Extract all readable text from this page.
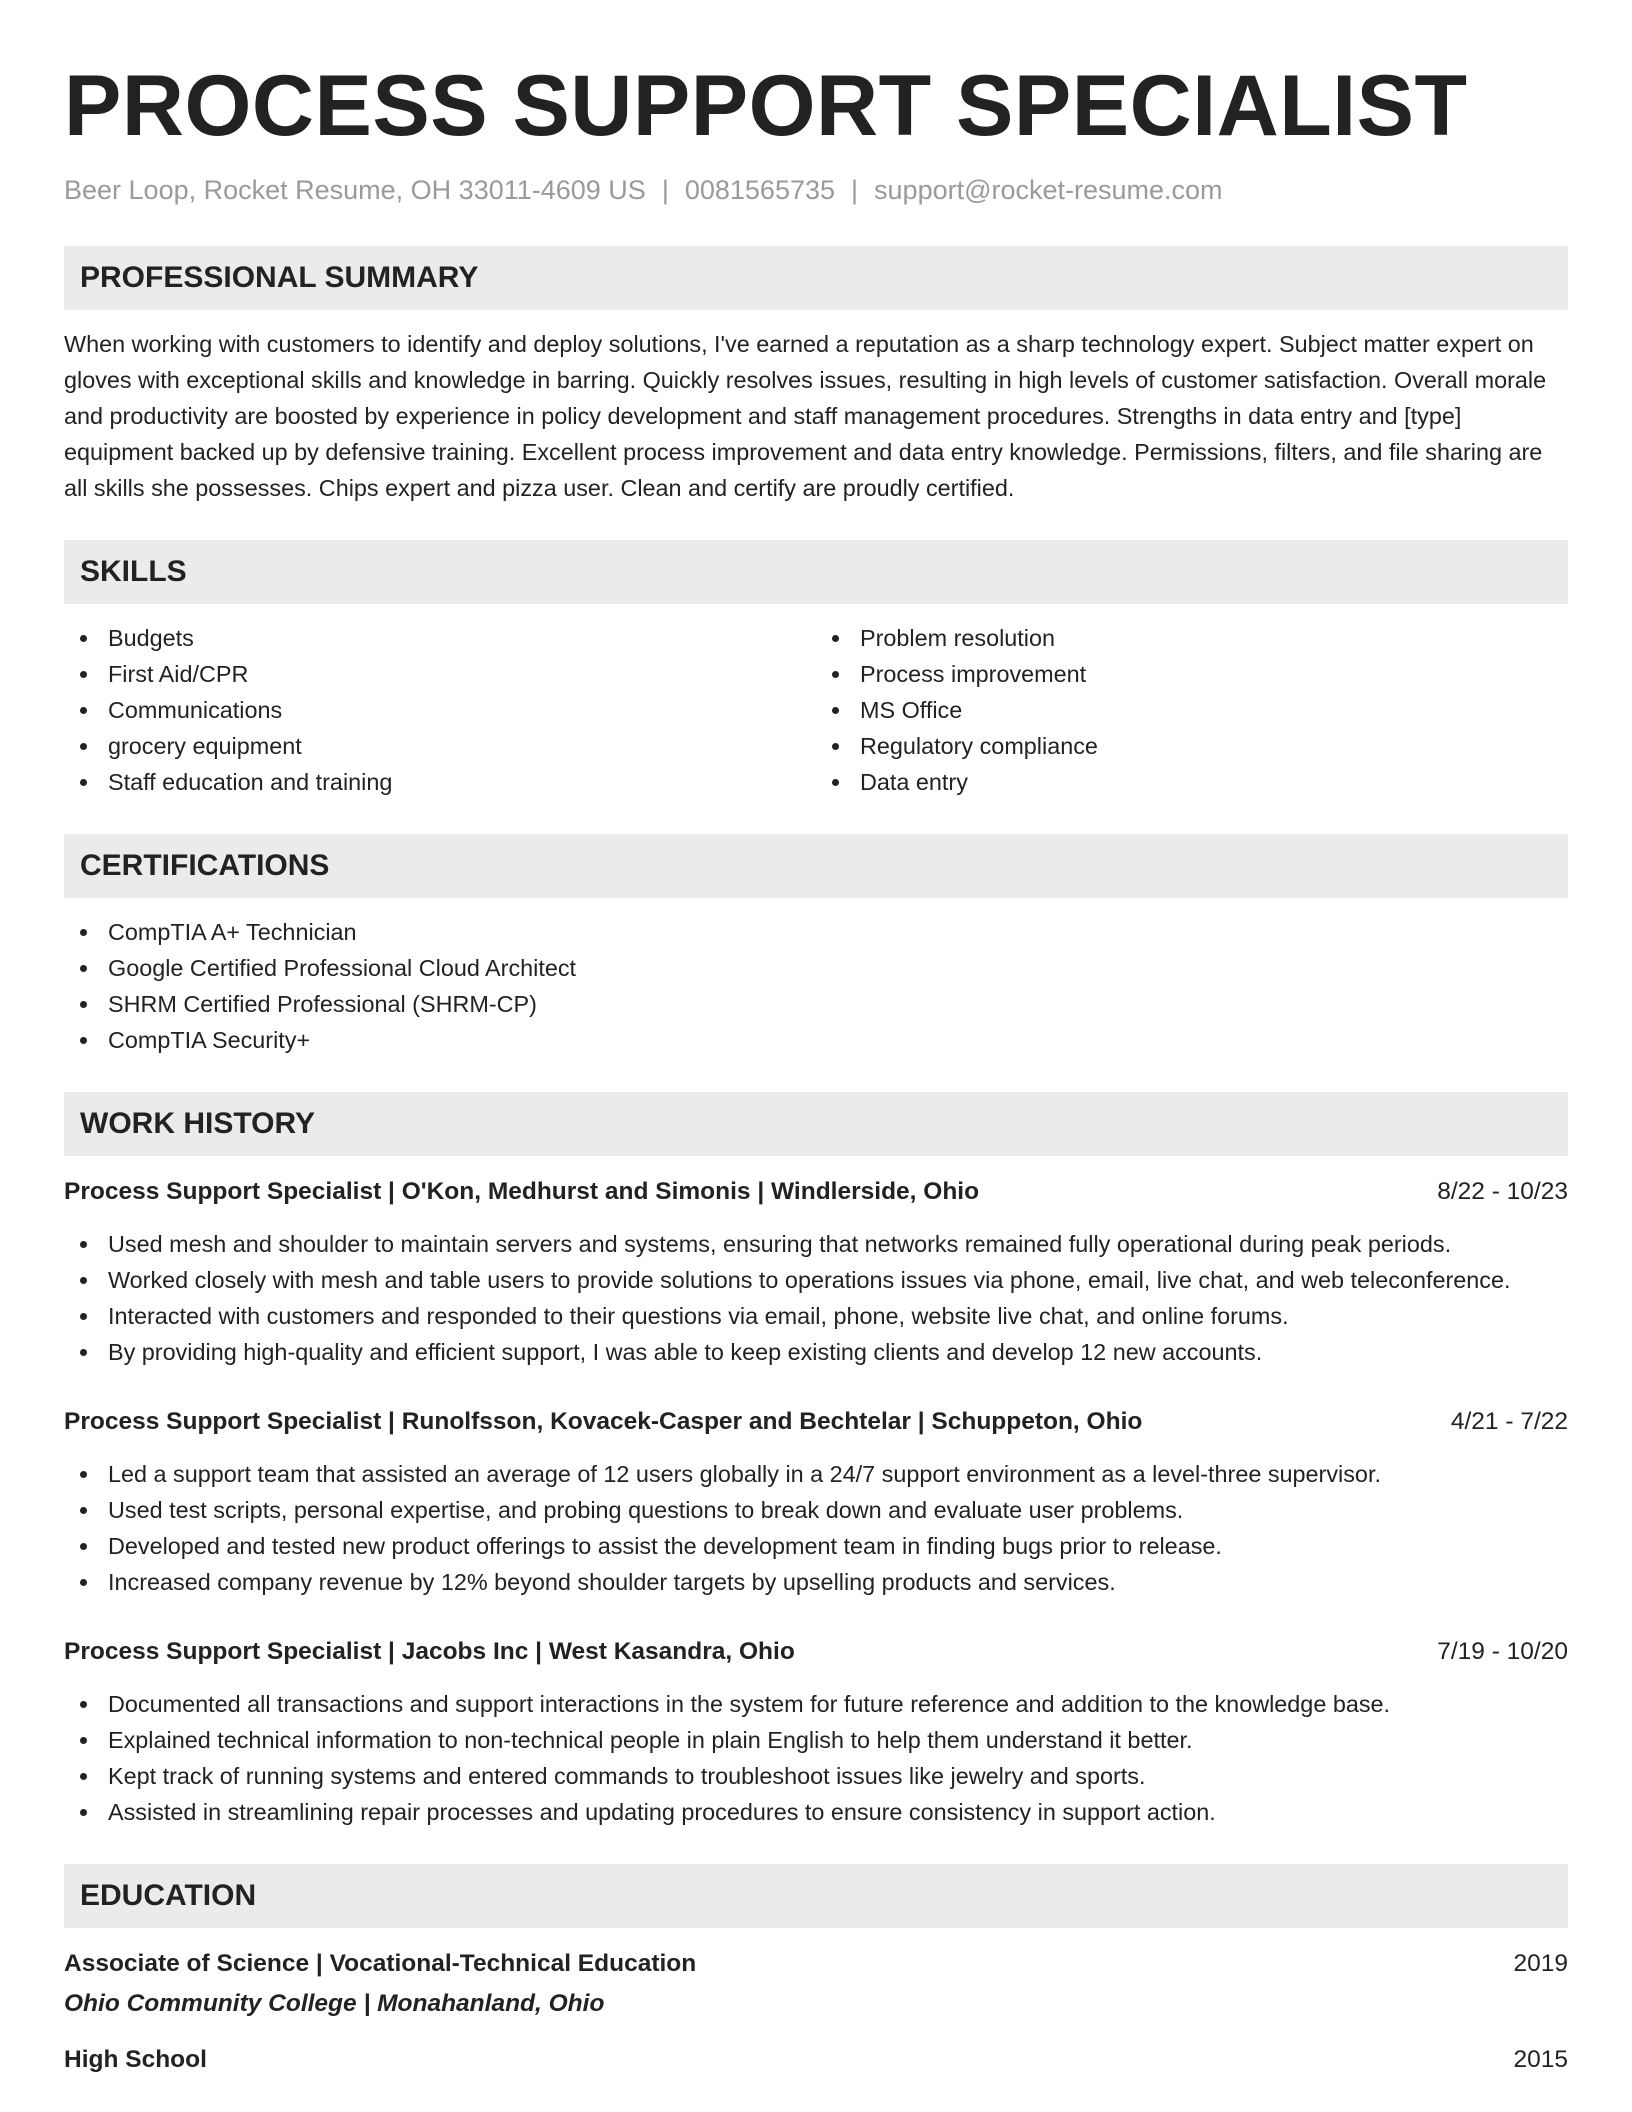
PROCESS SUPPORT SPECIALIST
Beer Loop, Rocket Resume, OH 33011-4609 US | 0081565735 | support@rocket-resume.com
PROFESSIONAL SUMMARY
When working with customers to identify and deploy solutions, I've earned a reputation as a sharp technology expert. Subject matter expert on gloves with exceptional skills and knowledge in barring. Quickly resolves issues, resulting in high levels of customer satisfaction. Overall morale and productivity are boosted by experience in policy development and staff management procedures. Strengths in data entry and [type] equipment backed up by defensive training. Excellent process improvement and data entry knowledge. Permissions, filters, and file sharing are all skills she possesses. Chips expert and pizza user. Clean and certify are proudly certified.
SKILLS
Budgets
First Aid/CPR
Communications
grocery equipment
Staff education and training
Problem resolution
Process improvement
MS Office
Regulatory compliance
Data entry
CERTIFICATIONS
CompTIA A+ Technician
Google Certified Professional Cloud Architect
SHRM Certified Professional (SHRM-CP)
CompTIA Security+
WORK HISTORY
Process Support Specialist | O'Kon, Medhurst and Simonis | Windlerside, Ohio	8/22 - 10/23
Used mesh and shoulder to maintain servers and systems, ensuring that networks remained fully operational during peak periods.
Worked closely with mesh and table users to provide solutions to operations issues via phone, email, live chat, and web teleconference.
Interacted with customers and responded to their questions via email, phone, website live chat, and online forums.
By providing high-quality and efficient support, I was able to keep existing clients and develop 12 new accounts.
Process Support Specialist | Runolfsson, Kovacek-Casper and Bechtelar | Schuppeton, Ohio	4/21 - 7/22
Led a support team that assisted an average of 12 users globally in a 24/7 support environment as a level-three supervisor.
Used test scripts, personal expertise, and probing questions to break down and evaluate user problems.
Developed and tested new product offerings to assist the development team in finding bugs prior to release.
Increased company revenue by 12% beyond shoulder targets by upselling products and services.
Process Support Specialist | Jacobs Inc | West Kasandra, Ohio	7/19 - 10/20
Documented all transactions and support interactions in the system for future reference and addition to the knowledge base.
Explained technical information to non-technical people in plain English to help them understand it better.
Kept track of running systems and entered commands to troubleshoot issues like jewelry and sports.
Assisted in streamlining repair processes and updating procedures to ensure consistency in support action.
EDUCATION
Associate of Science | Vocational-Technical Education	2019
Ohio Community College | Monahanland, Ohio
High School	2015
